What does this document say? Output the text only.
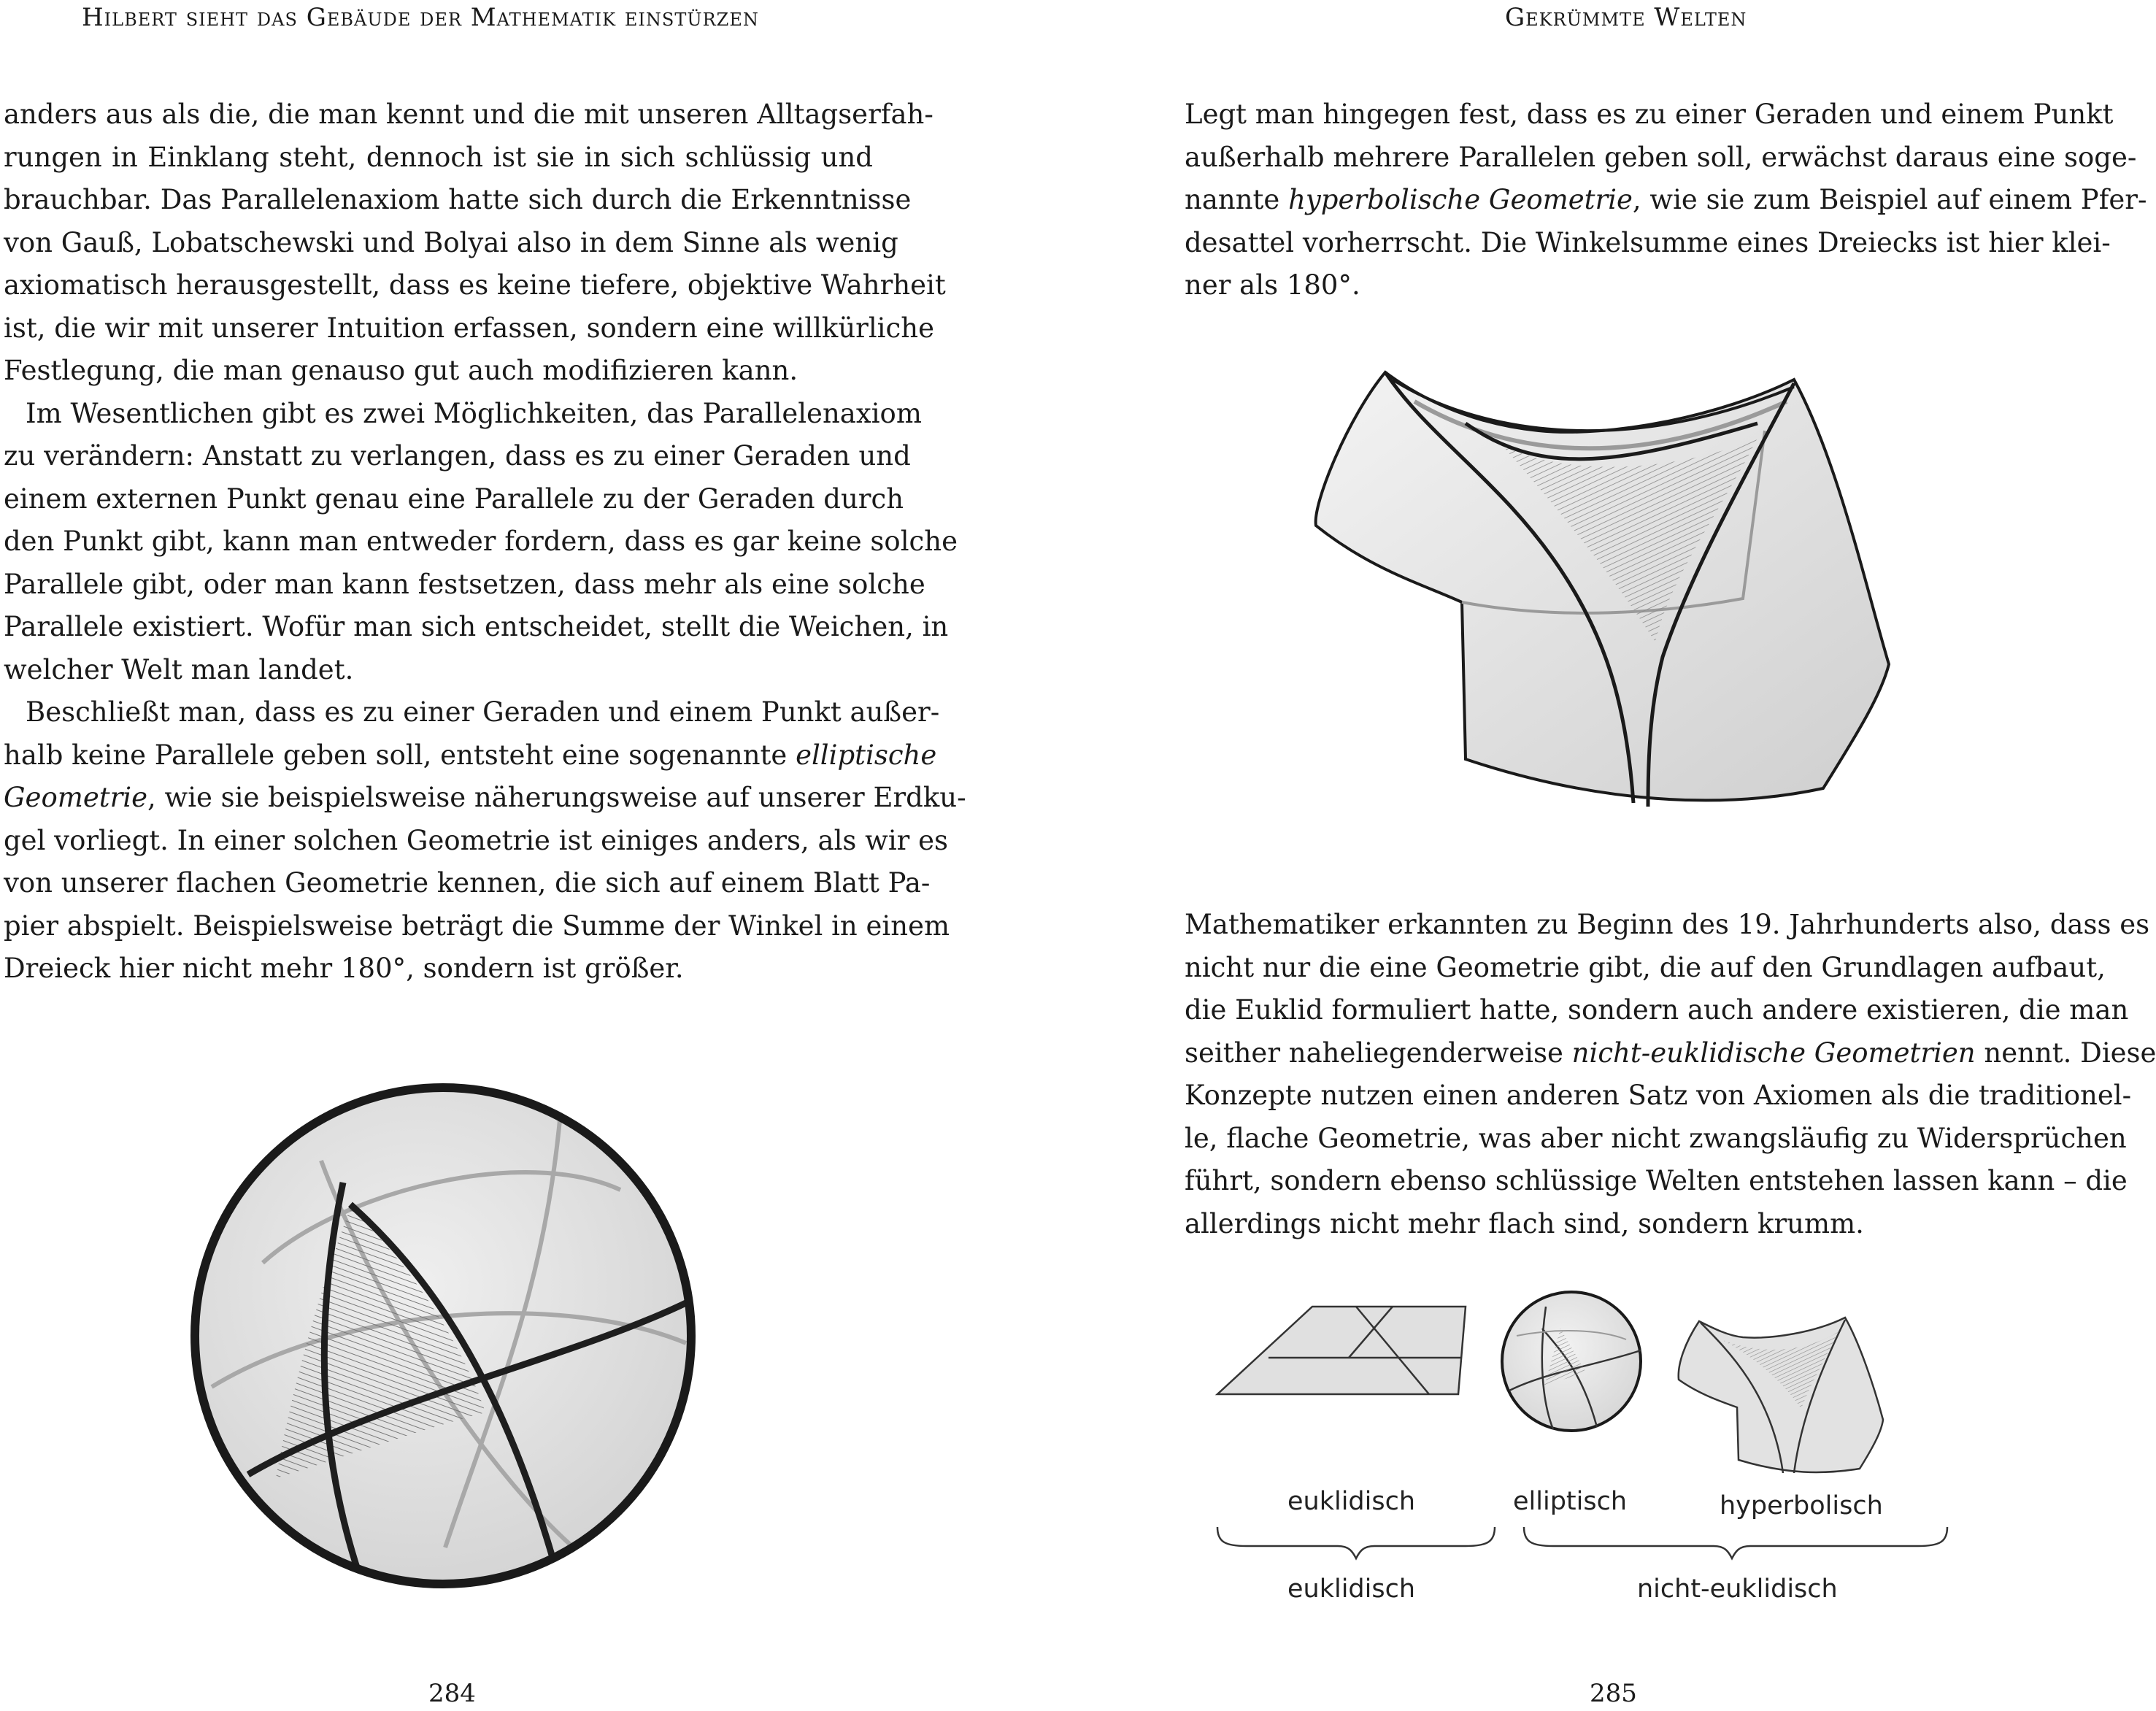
Hilbert sieht das Gebäude der Mathematik einstürzen
anders aus als die, die man kennt und die mit unseren Alltagserfah-
rungen in Einklang steht, dennoch ist sie in sich schlüssig und
brauchbar. Das Parallelenaxiom hatte sich durch die Erkenntnisse
von Gauß, Lobatschewski und Bolyai also in dem Sinne als wenig
axiomatisch herausgestellt, dass es keine tiefere, objektive Wahrheit
ist, die wir mit unserer Intuition erfassen, sondern eine willkürliche
Festlegung, die man genauso gut auch modifizieren kann.
Im Wesentlichen gibt es zwei Möglichkeiten, das Parallelenaxiom
zu verändern: Anstatt zu verlangen, dass es zu einer Geraden und
einem externen Punkt genau eine Parallele zu der Geraden durch
den Punkt gibt, kann man entweder fordern, dass es gar keine solche
Parallele gibt, oder man kann festsetzen, dass mehr als eine solche
Parallele existiert. Wofür man sich entscheidet, stellt die Weichen, in
welcher Welt man landet.
Beschließt man, dass es zu einer Geraden und einem Punkt außer-
halb keine Parallele geben soll, entsteht eine sogenannte elliptische
Geometrie, wie sie beispielsweise näherungsweise auf unserer Erdku-
gel vorliegt. In einer solchen Geometrie ist einiges anders, als wir es
von unserer flachen Geometrie kennen, die sich auf einem Blatt Pa-
pier abspielt. Beispielsweise beträgt die Summe der Winkel in einem
Dreieck hier nicht mehr 180°, sondern ist größer.
284
Gekrümmte Welten
Legt man hingegen fest, dass es zu einer Geraden und einem Punkt
außerhalb mehrere Parallelen geben soll, erwächst daraus eine soge-
nannte hyperbolische Geometrie, wie sie zum Beispiel auf einem Pfer-
desattel vorherrscht. Die Winkelsumme eines Dreiecks ist hier klei-
ner als 180°.
Mathematiker erkannten zu Beginn des 19. Jahrhunderts also, dass es
nicht nur die eine Geometrie gibt, die auf den Grundlagen aufbaut,
die Euklid formuliert hatte, sondern auch andere existieren, die man
seither naheliegenderweise nicht-euklidische Geometrien nennt. Diese
Konzepte nutzen einen anderen Satz von Axiomen als die traditionel-
le, flache Geometrie, was aber nicht zwangsläufig zu Widersprüchen
führt, sondern ebenso schlüssige Welten entstehen lassen kann – die
allerdings nicht mehr flach sind, sondern krumm.
euklidisch	elliptisch	hyperbolisch
euklidisch	nicht-euklidisch
285
